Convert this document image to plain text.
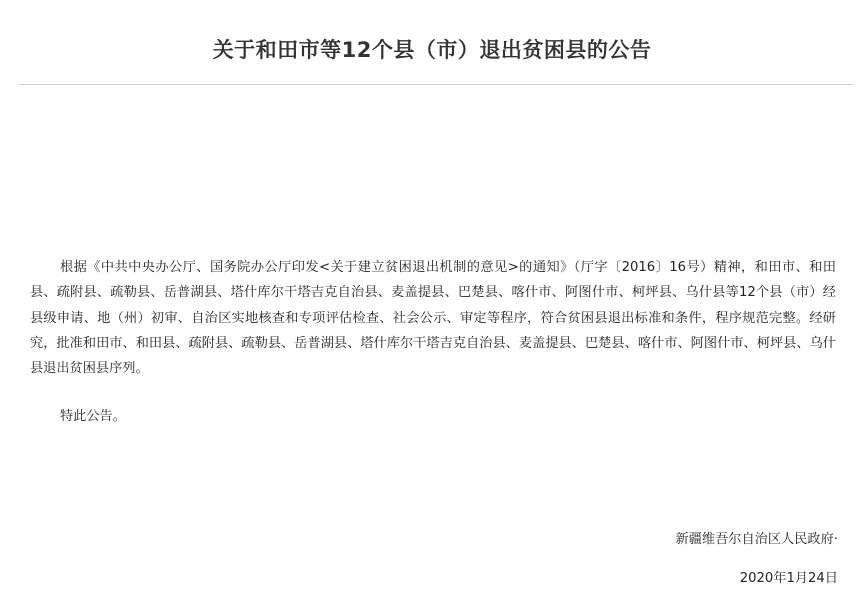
关于和田市等12个县（市）退出贫困县的公告

根据《中共中央办公厅、国务院办公厅印发<关于建立贫困退出机制的意见>的通知》（厅字〔2016〕16号）精神，和田市、和田县、疏附县、疏勒县、岳普湖县、塔什库尔干塔吉克自治县、麦盖提县、巴楚县、喀什市、阿图什市、柯坪县、乌什县等12个县（市）经县级申请、地（州）初审、自治区实地核查和专项评估检查、社会公示、审定等程序，符合贫困县退出标准和条件，程序规范完整。经研究，批准和田市、和田县、疏附县、疏勒县、岳普湖县、塔什库尔干塔吉克自治县、麦盖提县、巴楚县、喀什市、阿图什市、柯坪县、乌什县退出贫困县序列。

特此公告。

新疆维吾尔自治区人民政府·

2020年1月24日
